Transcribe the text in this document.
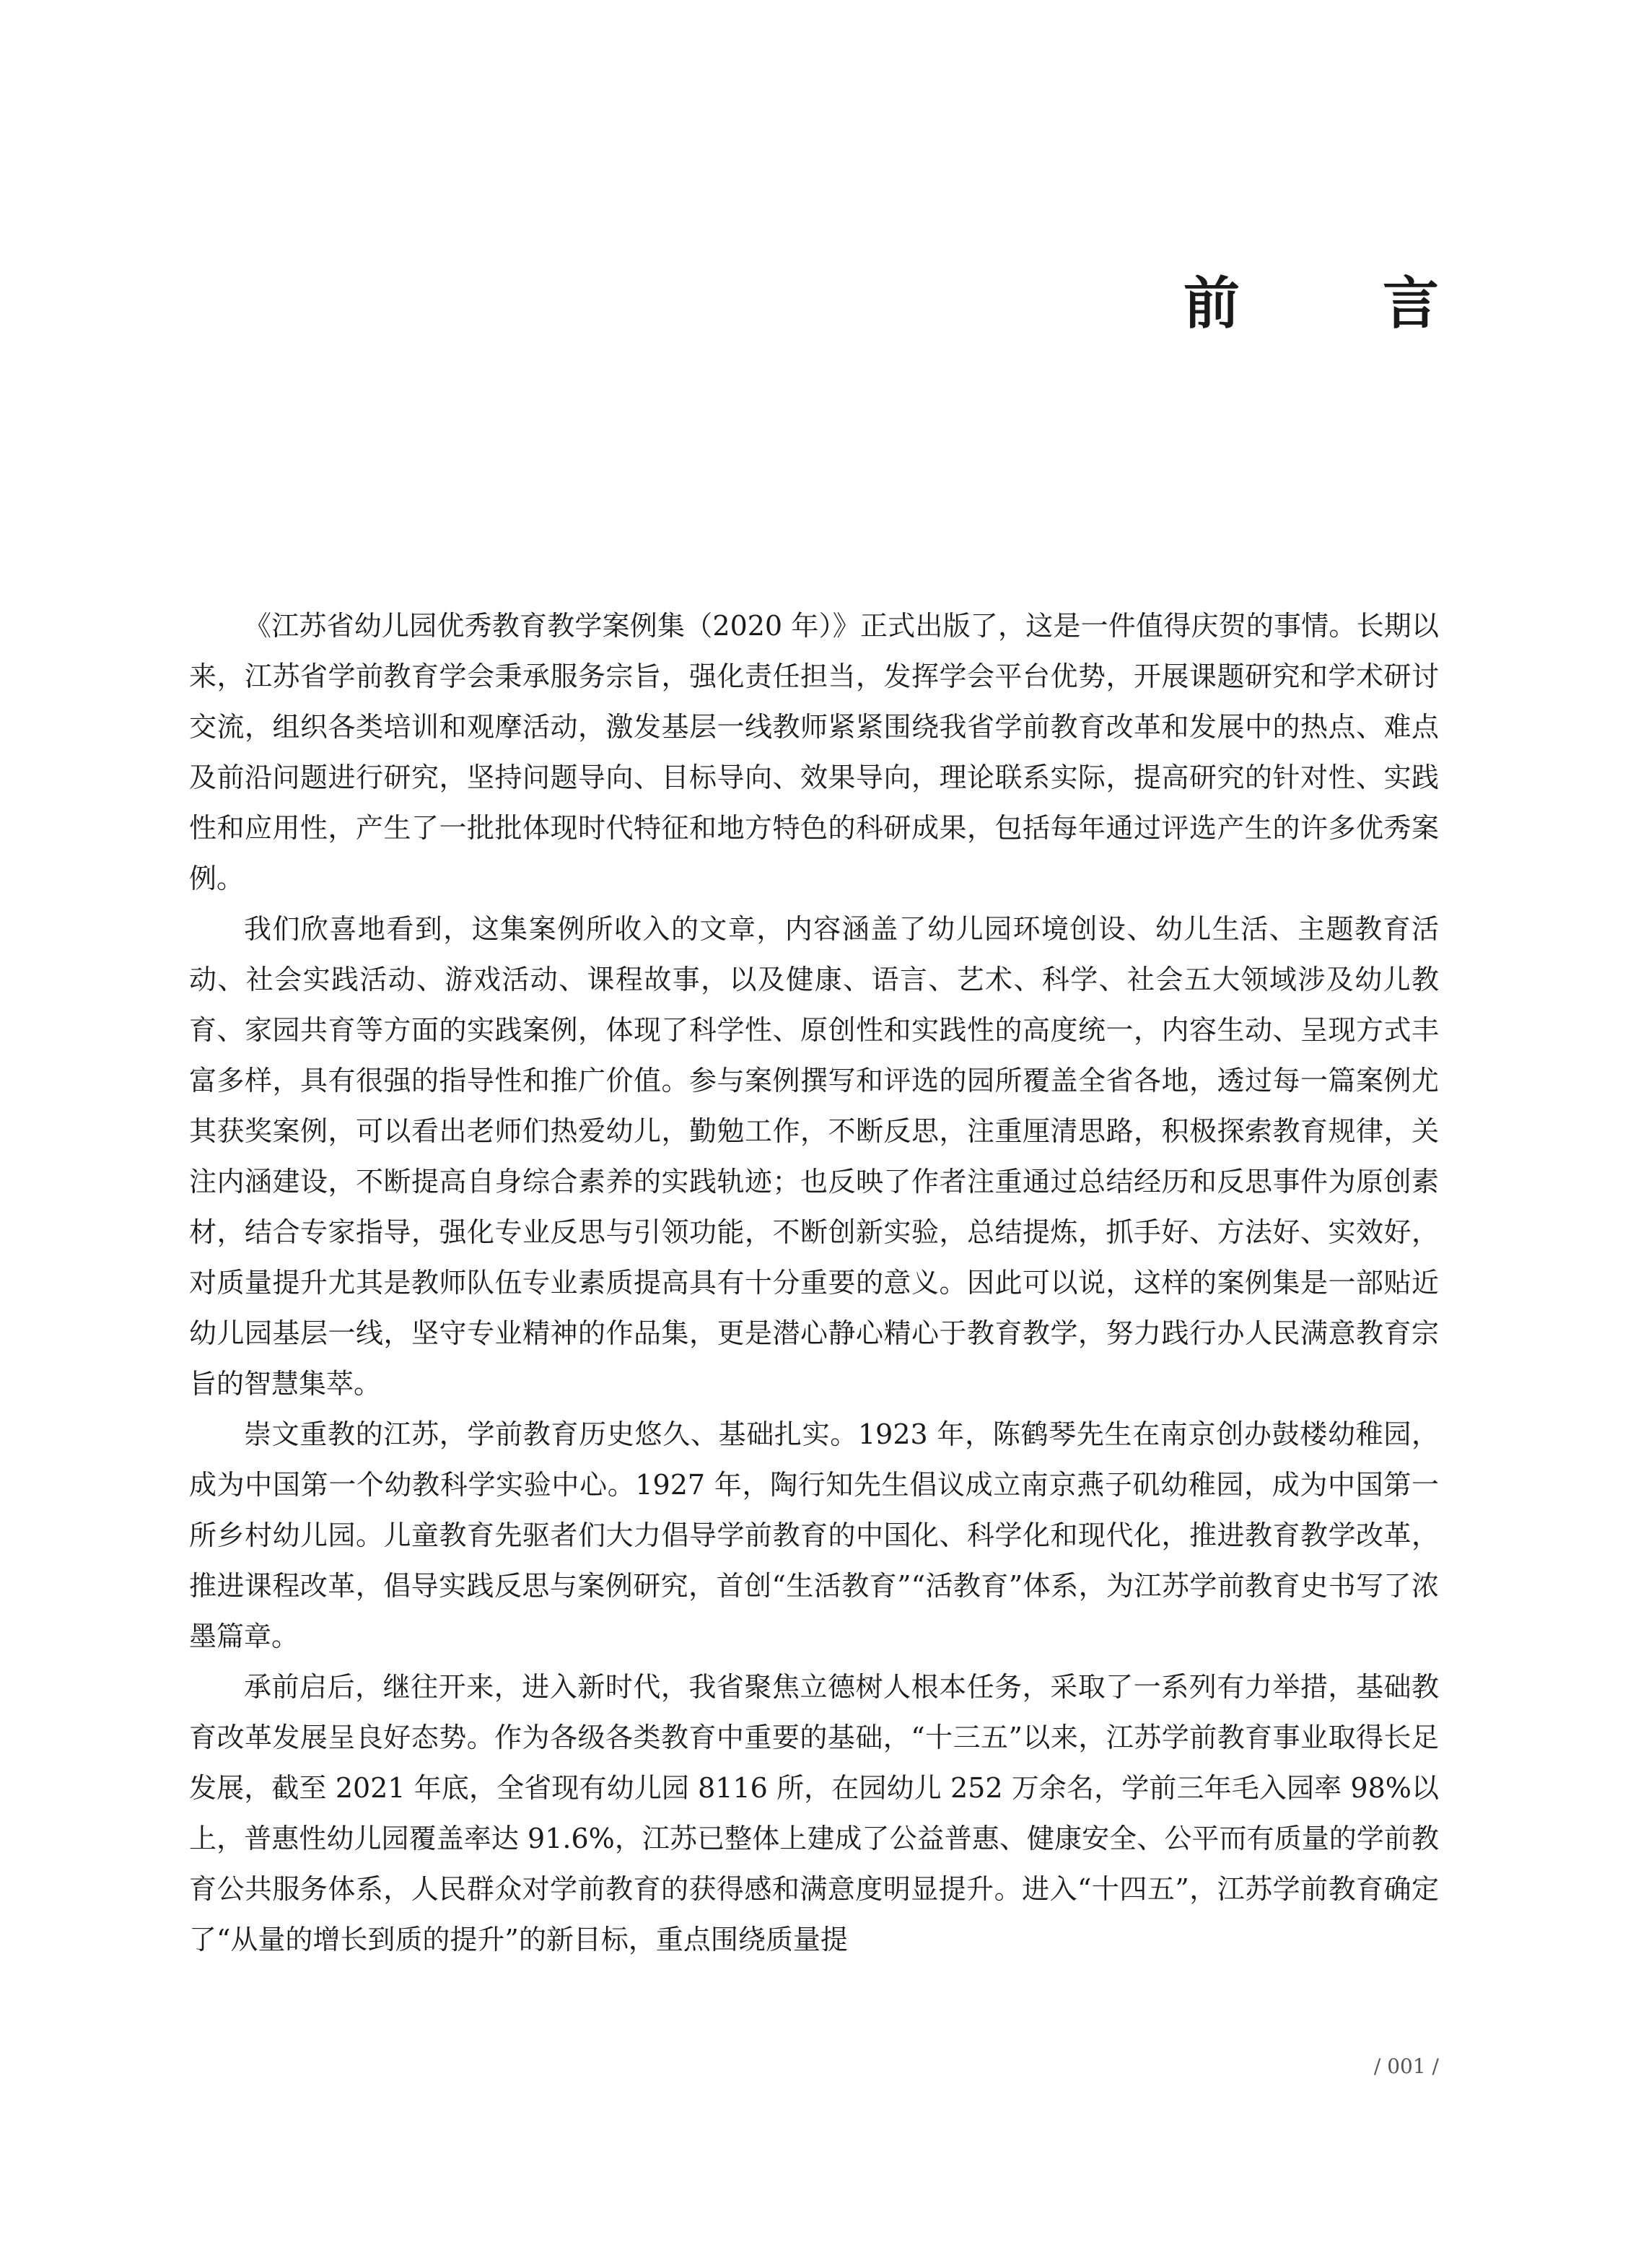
前　言

《江苏省幼儿园优秀教育教学案例集（2020 年）》正式出版了，这是一件值得庆贺的事情。长期以来，江苏省学前教育学会秉承服务宗旨，强化责任担当，发挥学会平台优势，开展课题研究和学术研讨交流，组织各类培训和观摩活动，激发基层一线教师紧紧围绕我省学前教育改革和发展中的热点、难点及前沿问题进行研究，坚持问题导向、目标导向、效果导向，理论联系实际，提高研究的针对性、实践性和应用性，产生了一批批体现时代特征和地方特色的科研成果，包括每年通过评选产生的许多优秀案例。

我们欣喜地看到，这集案例所收入的文章，内容涵盖了幼儿园环境创设、幼儿生活、主题教育活动、社会实践活动、游戏活动、课程故事，以及健康、语言、艺术、科学、社会五大领域涉及幼儿教育、家园共育等方面的实践案例，体现了科学性、原创性和实践性的高度统一，内容生动、呈现方式丰富多样，具有很强的指导性和推广价值。参与案例撰写和评选的园所覆盖全省各地，透过每一篇案例尤其获奖案例，可以看出老师们热爱幼儿，勤勉工作，不断反思，注重厘清思路，积极探索教育规律，关注内涵建设，不断提高自身综合素养的实践轨迹；也反映了作者注重通过总结经历和反思事件为原创素材，结合专家指导，强化专业反思与引领功能，不断创新实验，总结提炼，抓手好、方法好、实效好，对质量提升尤其是教师队伍专业素质提高具有十分重要的意义。因此可以说，这样的案例集是一部贴近幼儿园基层一线，坚守专业精神的作品集，更是潜心静心精心于教育教学，努力践行办人民满意教育宗旨的智慧集萃。

崇文重教的江苏，学前教育历史悠久、基础扎实。1923 年，陈鹤琴先生在南京创办鼓楼幼稚园，成为中国第一个幼教科学实验中心。1927 年，陶行知先生倡议成立南京燕子矶幼稚园，成为中国第一所乡村幼儿园。儿童教育先驱者们大力倡导学前教育的中国化、科学化和现代化，推进教育教学改革，推进课程改革，倡导实践反思与案例研究，首创“生活教育”“活教育”体系，为江苏学前教育史书写了浓墨篇章。

承前启后，继往开来，进入新时代，我省聚焦立德树人根本任务，采取了一系列有力举措，基础教育改革发展呈良好态势。作为各级各类教育中重要的基础，“十三五”以来，江苏学前教育事业取得长足发展，截至 2021 年底，全省现有幼儿园 8116 所，在园幼儿 252 万余名，学前三年毛入园率 98%以上，普惠性幼儿园覆盖率达 91.6%，江苏已整体上建成了公益普惠、健康安全、公平而有质量的学前教育公共服务体系，人民群众对学前教育的获得感和满意度明显提升。进入“十四五”，江苏学前教育确定了“从量的增长到质的提升”的新目标，重点围绕质量提

/ 001 /
